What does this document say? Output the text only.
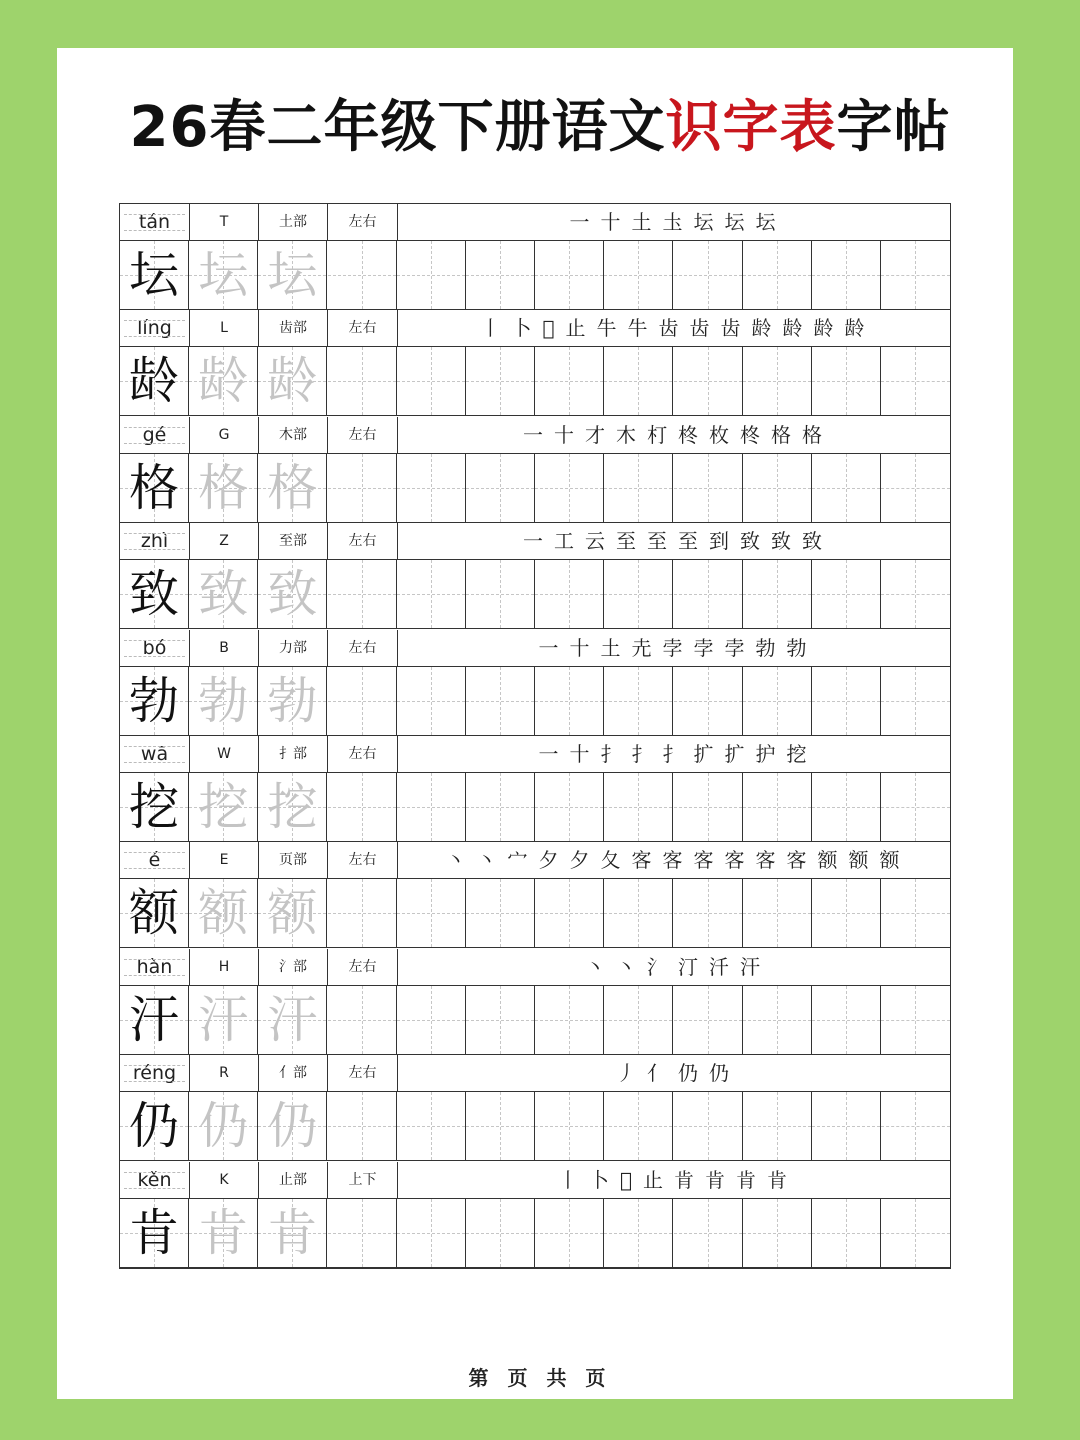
26春二年级下册语文识字表字帖
tán	T	土部	左右	一 十 土 圡 坛 坛 坛
坛 坛 坛
líng	L	齿部	左右	丨 卜 𠀆 止 牛 牛 齿 齿 齿 龄 龄 龄 龄
龄 龄 龄
gé	G	木部	左右	一 十 才 木 朾 柊 枚 柊 格 格
格 格 格
zhì	Z	至部	左右	一 工 云 至 至 至 到 致 致 致
致 致 致
bó	B	力部	左右	一 十 土 圥 孛 孛 孛 勃 勃
勃 勃 勃
wā	W	扌部	左右	一 十 扌 扌 扌 扩 扩 护 挖
挖 挖 挖
é	E	页部	左右	丶 丶 宀 夕 夕 夂 客 客 客 客 客 客 额 额 额
额 额 额
hàn	H	氵部	左右	丶 丶 氵 汀 汘 汗
汗 汗 汗
réng	R	亻部	左右	丿 亻 仍 仍
仍 仍 仍
kěn	K	止部	上下	丨 卜 𠀆 止 肯 肯 肯 肯
肯 肯 肯
第 页 共 页
